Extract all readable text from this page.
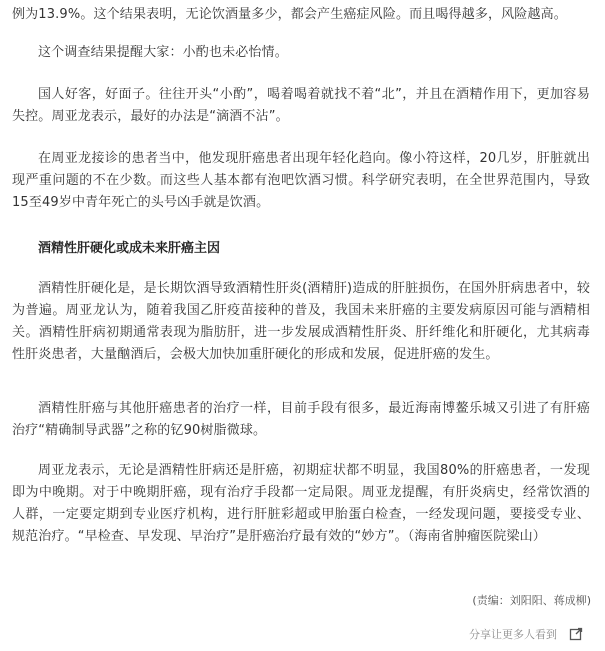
例为13.9%。这个结果表明，无论饮酒量多少，都会产生癌症风险。而且喝得越多，风险越高。

这个调查结果提醒大家：小酌也未必怡情。

国人好客，好面子。往往开头“小酌”，喝着喝着就找不着“北”，并且在酒精作用下，更加容易失控。周亚龙表示，最好的办法是“滴酒不沾”。

在周亚龙接诊的患者当中，他发现肝癌患者出现年轻化趋向。像小符这样，20几岁，肝脏就出现严重问题的不在少数。而这些人基本都有泡吧饮酒习惯。科学研究表明，在全世界范围内，导致15至49岁中青年死亡的头号凶手就是饮酒。

酒精性肝硬化或成未来肝癌主因

酒精性肝硬化是，是长期饮酒导致酒精性肝炎(酒精肝)造成的肝脏损伤，在国外肝病患者中，较为普遍。周亚龙认为，随着我国乙肝疫苗接种的普及，我国未来肝癌的主要发病原因可能与酒精相关。酒精性肝病初期通常表现为脂肪肝，进一步发展成酒精性肝炎、肝纤维化和肝硬化，尤其病毒性肝炎患者，大量酗酒后，会极大加快加重肝硬化的形成和发展，促进肝癌的发生。

酒精性肝癌与其他肝癌患者的治疗一样，目前手段有很多，最近海南博鳌乐城又引进了有肝癌治疗“精确制导武器”之称的钇90树脂微球。

周亚龙表示，无论是酒精性肝病还是肝癌，初期症状都不明显，我国80%的肝癌患者，一发现即为中晚期。对于中晚期肝癌，现有治疗手段都一定局限。周亚龙提醒，有肝炎病史，经常饮酒的人群，一定要定期到专业医疗机构，进行肝脏彩超或甲胎蛋白检查，一经发现问题，要接受专业、规范治疗。“早检查、早发现、早治疗”是肝癌治疗最有效的“妙方”。（海南省肿瘤医院梁山）

(责编：刘阳阳、蒋成柳)
分享让更多人看到
